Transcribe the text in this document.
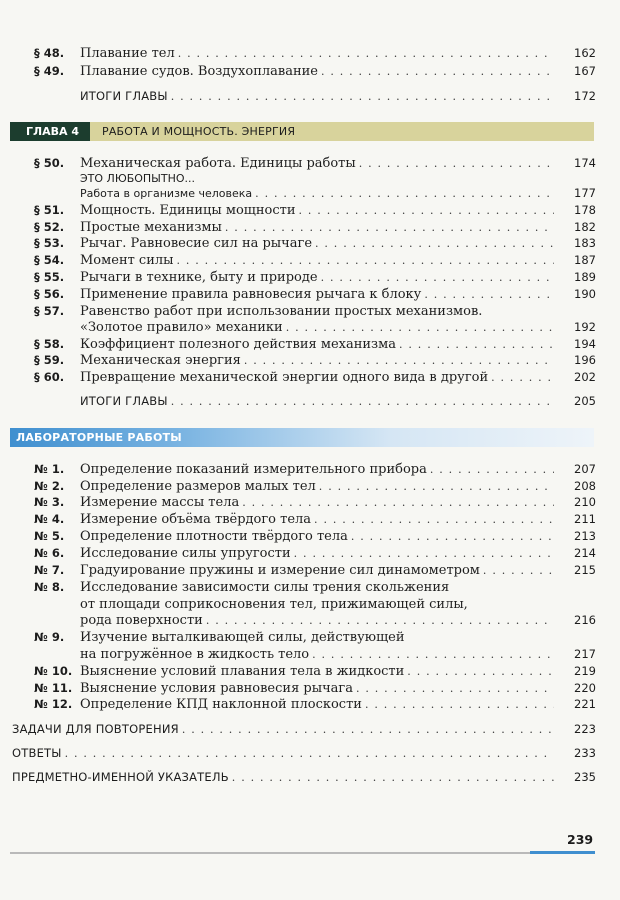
§ 48. Плавание тел . . .	162
§ 49. Плавание судов. Воздухоплавание . . .	167
ИТОГИ ГЛАВЫ . . .	172
ГЛАВА 4	РАБОТА И МОЩНОСТЬ. ЭНЕРГИЯ
§ 50. Механическая работа. Единицы работы . . .	174
ЭТО ЛЮБОПЫТНО...
Работа в организме человека . . .	177
§ 51. Мощность. Единицы мощности . . .	178
§ 52. Простые механизмы . . .	182
§ 53. Рычаг. Равновесие сил на рычаге . . .	183
§ 54. Момент силы . . .	187
§ 55. Рычаги в технике, быту и природе . . .	189
§ 56. Применение правила равновесия рычага к блоку . . .	190
§ 57. Равенство работ при использовании простых механизмов.
«Золотое правило» механики . . .	192
§ 58. Коэффициент полезного действия механизма . . .	194
§ 59. Механическая энергия . . .	196
§ 60. Превращение механической энергии одного вида в другой . . .	202
ИТОГИ ГЛАВЫ . . .	205
ЛАБОРАТОРНЫЕ РАБОТЫ
№ 1. Определение показаний измерительного прибора . . .	207
№ 2. Определение размеров малых тел . . .	208
№ 3. Измерение массы тела . . .	210
№ 4. Измерение объёма твёрдого тела . . .	211
№ 5. Определение плотности твёрдого тела . . .	213
№ 6. Исследование силы упругости . . .	214
№ 7. Градуирование пружины и измерение сил динамометром . . .	215
№ 8. Исследование зависимости силы трения скольжения
от площади соприкосновения тел, прижимающей силы,
рода поверхности . . .	216
№ 9. Изучение выталкивающей силы, действующей
на погружённое в жидкость тело . . .	217
№ 10. Выяснение условий плавания тела в жидкости . . .	219
№ 11. Выяснение условия равновесия рычага . . .	220
№ 12. Определение КПД наклонной плоскости . . .	221
ЗАДАЧИ ДЛЯ ПОВТОРЕНИЯ . . .	223
ОТВЕТЫ . . .	233
ПРЕДМЕТНО-ИМЕННОЙ УКАЗАТЕЛЬ . . .	235
239
